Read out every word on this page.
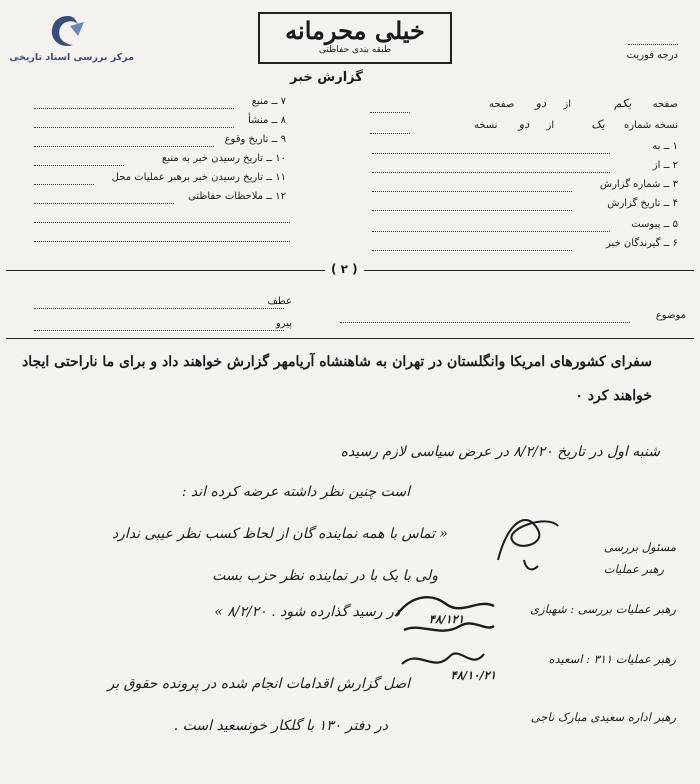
مرکز بررسی اسناد تاریخی
خیلی محرمانه
طبقه بندی حفاظتی	درجه فوریت
گزارش خبر
صفحه یکم از دو صفحه
نسخه شماره یک از دو نسخه
۱ ــ به
۲ ــ از
۳ ــ شماره گزارش
۴ ــ تاریخ گزارش
۵ ــ پیوست
۶ ــ گیرندگان خبر
۷ ــ منبع
۸ ــ منشأ
۹ ــ تاریخ وقوع
۱۰ ــ تاریخ رسیدن خبر به منبع
۱۱ ــ تاریخ رسیدن خبر برهبر عملیات محل
۱۲ ــ ملاحظات حفاظتی
( ۲ )
موضوع
عطف
پیرو
سفرای کشورهای امریکا وانگلستان در تهران به شاهنشاه آریامهر گزارش خواهند داد و برای ما ناراحتی ایجاد
خواهند کرد ۰
شنبه اول در تاریخ ۸/۲/۲۰ در عرض سیاسی لازم رسیده
است چنین نظر داشته عرضه کرده اند :
« تماس با همه نماینده گان از لحاظ کسب نظر عیبی ندارد
ولی با یک با در نماینده نظر حزب بست
در رسید گذارده شود . ۸/۲/۲۰ »
اصل گزارش اقدامات انجام شده در پرونده حقوق بر
در دفتر ۱۳۰ با گلکار خونسعید است .
مسئول بررسی
رهبر عملیات
رهبر عملیات بررسی : شهبازی
۴۸/۱۲۱
رهبر عملیات ۳۱۱ : اسعیده
۴۸/۱۰/۲۱
رهبر اداره سعیدی مبارک ناجی
